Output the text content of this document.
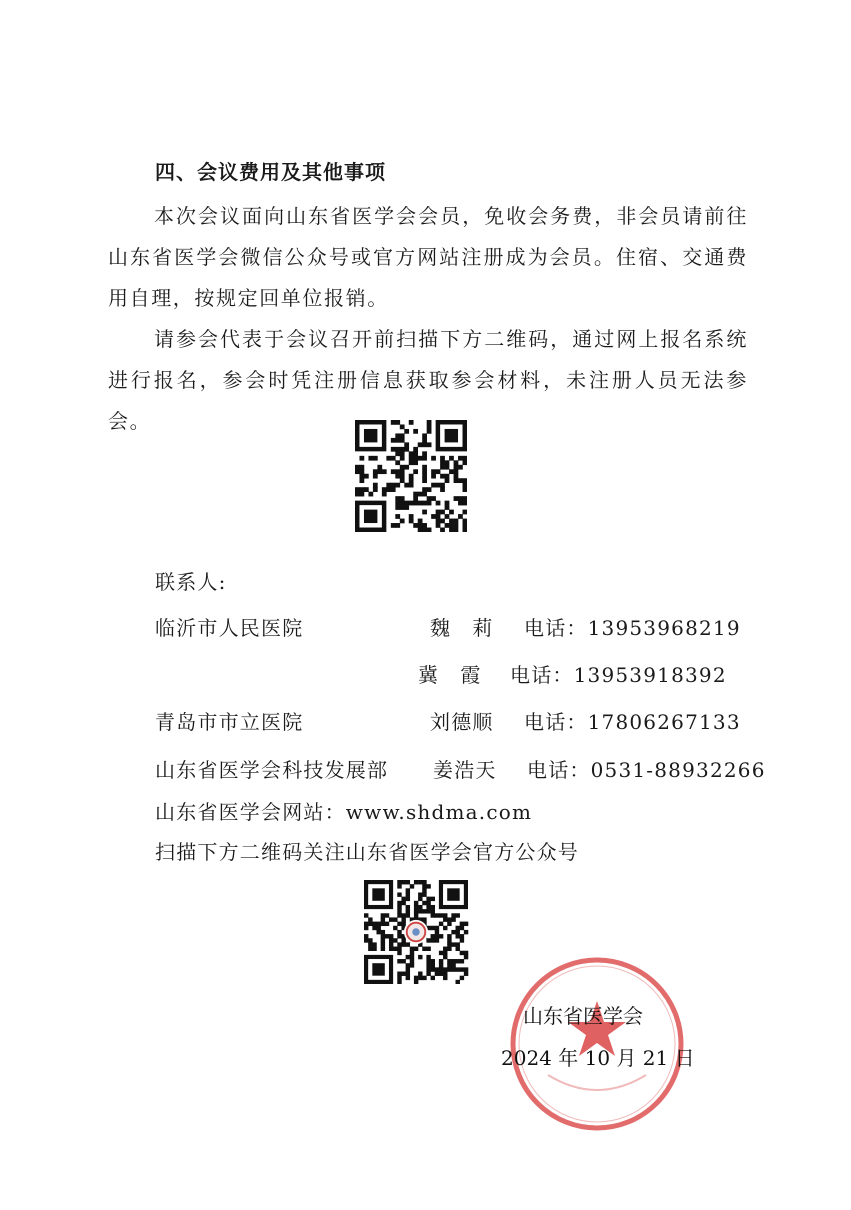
四、会议费用及其他事项
本次会议面向山东省医学会会员，免收会务费，非会员请前往山东省医学会微信公众号或官方网站注册成为会员。住宿、交通费用自理，按规定回单位报销。
请参会代表于会议召开前扫描下方二维码，通过网上报名系统进行报名，参会时凭注册信息获取参会材料，未注册人员无法参会。
联系人:
临沂市人民医院	魏　莉 电话：13953968219
冀　霞 电话：13953918392
青岛市市立医院	刘德顺 电话：17806267133
山东省医学会科技发展部 姜浩天 电话：0531-88932266
山东省医学会网站：www.shdma.com
扫描下方二维码关注山东省医学会官方公众号
山东省医学会
2024 年 10 月 21 日
